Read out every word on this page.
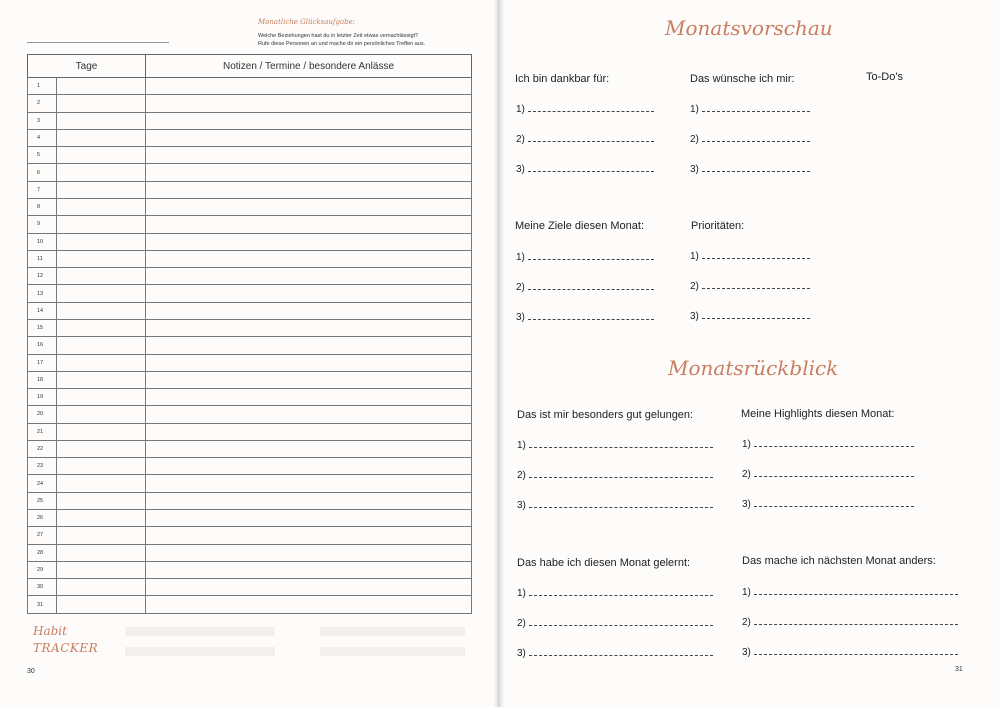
Monatliche Glücksaufgabe:
Welche Beziehungen hast du in letzter Zeit etwas vernachlässigt?
Rufe diese Personen an und mache dir ein persönliches Treffen aus.
Tage		Notizen / Termine / besondere Anlässe
1		
2		
3		
4		
5		
6		
7		
8		
9		
10		
11		
12		
13		
14		
15		
16		
17		
18		
19		
20		
21		
22		
23		
24		
25		
26		
27		
28		
29		
30		
31		
Habit
TRACKER
30
Monatsvorschau
Ich bin dankbar für:	Das wünsche ich mir:	To-Do's
1)
2)
3)
1)
2)
3)
Meine Ziele diesen Monat:	Prioritäten:
1)
2)
3)
1)
2)
3)
Monatsrückblick
Das ist mir besonders gut gelungen:	Meine Highlights diesen Monat:
1)
2)
3)
1)
2)
3)
Das habe ich diesen Monat gelernt:	Das mache ich nächsten Monat anders:
1)
2)
3)
1)
2)
3)
31
